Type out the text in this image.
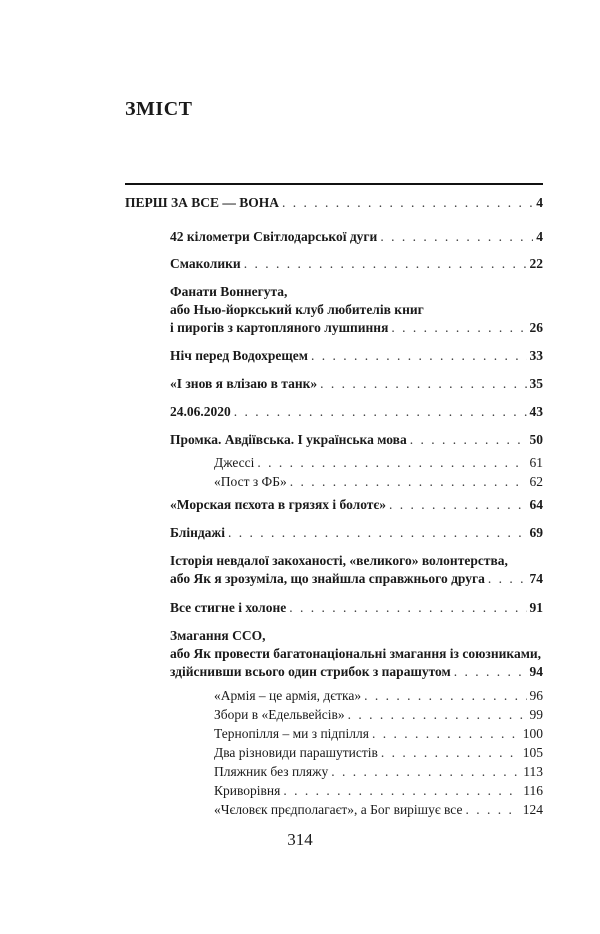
ЗМІСТ
ПЕРШ ЗА ВСЕ — ВОНА . . .	4
42 кілометри Світлодарської дуги . . .	4
Смаколики . . .	22
Фанати Воннегута,
або Нью-йоркський клуб любителів книг
і пирогів з картопляного лушпиння . . .	26
Ніч перед Водохрещем . . .	33
«І знов я влізаю в танк» . . .	35
24.06.2020 . . .	43
Промка. Авдіївська. І українська мова . . .	50
Джессі . . .	61
«Пост з ФБ» . . .	62
«Морская пєхота в грязях і болотє» . . .	64
Бліндажі . . .	69
Історія невдалої закоханості, «великого» волонтерства,
або Як я зрозуміла, що знайшла справжнього друга . . .	74
Все стигне і холоне . . .	91
Змагання ССО,
або Як провести багатонаціональні змагання із союзниками,
здійснивши всього один стрибок з парашутом . . .	94
«Армія – це армія, дєтка» . . .	96
Збори в «Едельвейсів» . . .	99
Тернопілля – ми з підпілля . . .	100
Два різновиди парашутистів . . .	105
Пляжник без пляжу . . .	113
Криворівня . . .	116
«Чєловєк прєдполагаєт», а Бог вирішує все . . .	124
314
